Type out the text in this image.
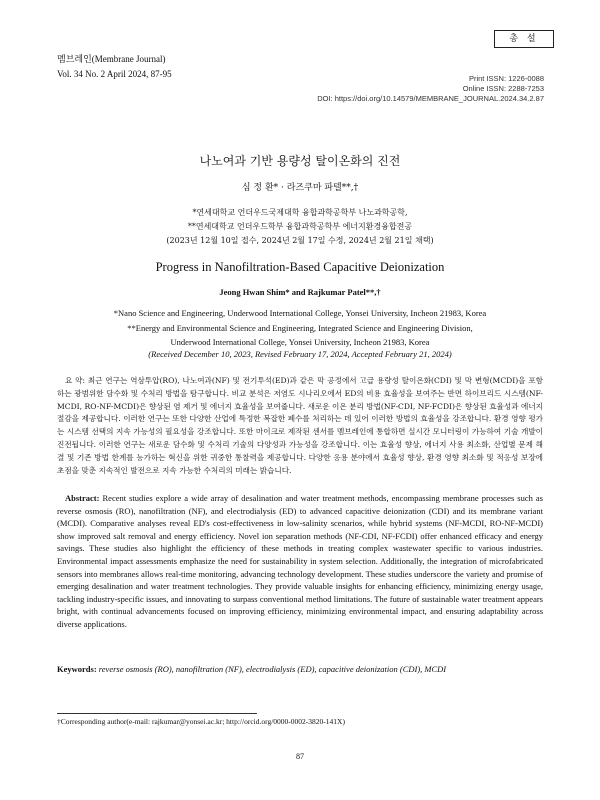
멤브레인(Membrane Journal)
Vol. 34 No. 2 April 2024, 87-95
총 설
Print ISSN: 1226-0088
Online ISSN: 2288-7253
DOI: https://doi.org/10.14579/MEMBRANE_JOURNAL.2024.34.2.87
나노여과 기반 용량성 탈이온화의 진전
심 정 환* · 라즈쿠마 파텔**,†
*연세대학교 언더우드국제대학 융합과학공학부 나노과학공학,
**연세대학교 언더우드학부 융합과학공학부 에너지환경융합전공
(2023년 12월 10일 접수, 2024년 2월 17일 수정, 2024년 2월 21일 채택)
Progress in Nanofiltration-Based Capacitive Deionization
Jeong Hwan Shim* and Rajkumar Patel**,†
*Nano Science and Engineering, Underwood International College, Yonsei University, Incheon 21983, Korea
**Energy and Environmental Science and Engineering, Integrated Science and Engineering Division,
Underwood International College, Yonsei University, Incheon 21983, Korea
(Received December 10, 2023, Revised February 17, 2024, Accepted February 21, 2024)
요 약: 최근 연구는 역삼투압(RO), 나노여과(NF) 및 전기투석(ED)과 같은 막 공정에서 고급 용량성 탈이온화(CDI) 및 막 변형(MCDI)을 포함하는 광범위한 담수화 및 수처리 방법을 탐구합니다. 비교 분석은 저염도 시나리오에서 ED의 비용 효율성을 보여주는 반면 하이브리드 시스템(NF-MCDI, RO-NF-MCDI)은 향상된 염 제거 및 에너지 효율성을 보여줍니다. 새로운 이온 분리 방법(NF-CDI, NF-FCDI)은 향상된 효율성과 에너지 절감을 제공합니다. 이러한 연구는 또한 다양한 산업에 특정한 복잡한 폐수를 처리하는 데 있어 이러한 방법의 효율성을 강조합니다. 환경 영향 평가는 시스템 선택의 지속 가능성의 필요성을 강조합니다. 또한 마이크로 제작된 센서를 멤브레인에 통합하면 실시간 모니터링이 가능하여 기술 개발이 진전됩니다. 이러한 연구는 새로운 담수화 및 수처리 기술의 다양성과 가능성을 강조합니다. 이는 효율성 향상, 에너지 사용 최소화, 산업별 문제 해결 및 기존 방법 한계를 능가하는 혁신을 위한 귀중한 통찰력을 제공합니다. 다양한 응용 분야에서 효율성 향상, 환경 영향 최소화 및 적응성 보장에 초점을 맞춘 지속적인 발전으로 지속 가능한 수처리의 미래는 밝습니다.
Abstract: Recent studies explore a wide array of desalination and water treatment methods, encompassing membrane processes such as reverse osmosis (RO), nanofiltration (NF), and electrodialysis (ED) to advanced capacitive deionization (CDI) and its membrane variant (MCDI). Comparative analyses reveal ED's cost-effectiveness in low-salinity scenarios, while hybrid systems (NF-MCDI, RO-NF-MCDI) show improved salt removal and energy efficiency. Novel ion separation methods (NF-CDI, NF-FCDI) offer enhanced efficacy and energy savings. These studies also highlight the efficiency of these methods in treating complex wastewater specific to various industries. Environmental impact assessments emphasize the need for sustainability in system selection. Additionally, the integration of microfabricated sensors into membranes allows real-time monitoring, advancing technology development. These studies underscore the variety and promise of emerging desalination and water treatment technologies. They provide valuable insights for enhancing efficiency, minimizing energy usage, tackling industry-specific issues, and innovating to surpass conventional method limitations. The future of sustainable water treatment appears bright, with continual advancements focused on improving efficiency, minimizing environmental impact, and ensuring adaptability across diverse applications.
Keywords: reverse osmosis (RO), nanofiltration (NF), electrodialysis (ED), capacitive deionization (CDI), MCDI
†Corresponding author(e-mail: rajkumar@yonsei.ac.kr; http://orcid.org/0000-0002-3820-141X)
87
